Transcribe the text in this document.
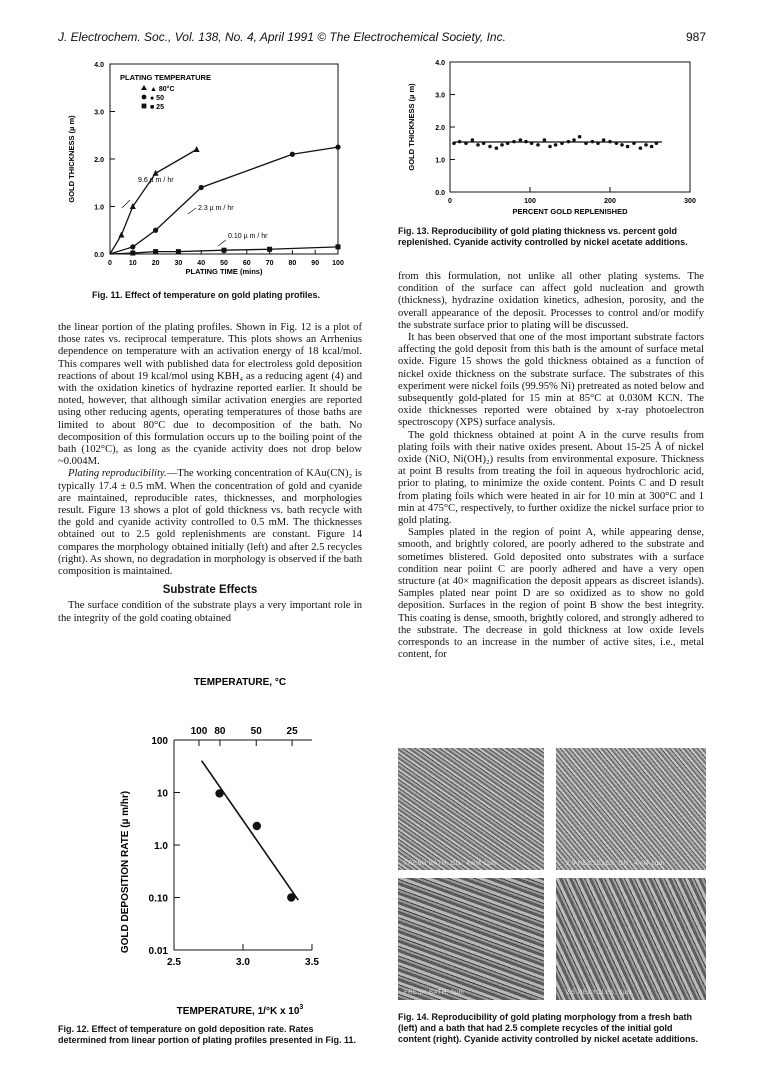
J. Electrochem. Soc., Vol. 138, No. 4, April 1991 © The Electrochemical Society, Inc.	987
0 10 20 30 40 50 60 70 80 90 100
0.0
1.0
2.0
3.0
4.0
PLATING TEMPERATURE
▲ 80°C
● 50
■ 25
9.6 µ m / hr
2.3 µ m / hr
0.10 µ m / hr
PLATING TIME (mins)
GOLD THICKNESS (µ m)
Fig. 11. Effect of temperature on gold plating profiles.
0	100	200	300
0.0
1.0
2.0
3.0
4.0
PERCENT GOLD REPLENISHED
GOLD THICKNESS (µ m)
Fig. 13. Reproducibility of gold plating thickness vs. percent gold replenished. Cyanide activity controlled by nickel acetate additions.

the linear portion of the plating profiles. Shown in Fig. 12 is a plot of those rates vs. reciprocal temperature. This plots shows an Arrhenius dependence on temperature with an activation energy of 18 kcal/mol. This compares well with published data for electroless gold deposition reactions of about 19 kcal/mol using KBH₄ as a reducing agent (4) and with the oxidation kinetics of hydrazine reported earlier. It should be noted, however, that although similar activation energies are reported using other reducing agents, operating temperatures of those baths are limited to about 80°C due to decomposition of the bath. No decomposition of this formulation occurs up to the boiling point of the bath (102°C), as long as the cyanide activity does not drop below ~0.004M.

Plating reproducibility.—The working concentration of KAu(CN)₂ is typically 17.4 ± 0.5 mM. When the concentration of gold and cyanide are maintained, reproducible rates, thicknesses, and morphologies result. Figure 13 shows a plot of gold thickness vs. bath recycle with the gold and cyanide activity controlled to 0.5 mM. The thicknesses obtained out to 2.5 gold replenishments are constant. Figure 14 compares the morphology obtained initially (left) and after 2.5 recycles (right). As shown, no degradation in morphology is observed if the bath composition is maintained.

Substrate Effects

The surface condition of the substrate plays a very important role in the integrity of the gold coating obtained

from this formulation, not unlike all other plating systems. The condition of the surface can affect gold nucleation and growth (thickness), hydrazine oxidation kinetics, adhesion, porosity, and the overall appearance of the deposit. Processes to control and/or modify the substrate surface prior to plating will be discussed.

It has been observed that one of the most important substrate factors affecting the gold deposit from this bath is the amount of surface metal oxide. Figure 15 shows the gold thickness obtained as a function of nickel oxide thickness on the substrate surface. The substrates of this experiment were nickel foils (99.95% Ni) pretreated as noted below and subsequently gold-plated for 15 min at 85°C at 0.030M KCN. The oxide thicknesses reported were obtained by x-ray photoelectron spectroscopy (XPS) surface analysis.

The gold thickness obtained at point A in the curve results from plating foils with their native oxides present. About 15-25 Å of nickel oxide (NiO, Ni(OH)₂) results from environmental exposure. Thickness at point B results from treating the foil in aqueous hydrochloric acid, prior to plating, to minimize the oxide content. Points C and D result from plating foils which were heated in air for 10 min at 300°C and 1 min at 475°C, respectively, to further oxidize the nickel surface prior to gold plating.

Samples plated in the region of point A, while appearing dense, smooth, and brightly colored, are poorly adhered to the substrate and sometimes blistered. Gold deposited onto substrates with a surface condition near poiint C are poorly adhered and have a very open structure (at 40× magnification the deposit appears as discreet islands). Samples plated near point D are so oxidized as to show no gold deposition. Surfaces in the region of point B show the best integrity. This coating is dense, smooth, brightly colored, and strongly adhered to the substrate. The decrease in gold thickness at low oxide levels corresponds to an increase in the number of active sites, i.e., metal content, for

TEMPERATURE, °C
2.5	3.0	3.5
100
10
1.0
0.10
0.01
100 80	50 25
TEMPERATURE, 1/°K x $10^3$
GOLD DEPOSITION RATE (µ m/hr)
Fig. 12. Effect of temperature on gold deposition rate. Rates determined from linear portion of plating profiles presented in Fig. 11.
FRESH BATH, CN⁻ 4mM 1µm	2.5 RECYCLES, CN⁻ 4mM 1µm
FRESH BATH, 3µm	2.5 RECYCLES, 3µm
Fig. 14. Reproducibility of gold plating morphology from a fresh bath (left) and a bath that had 2.5 complete recycles of the initial gold content (right). Cyanide activity controlled by nickel acetate additions.
